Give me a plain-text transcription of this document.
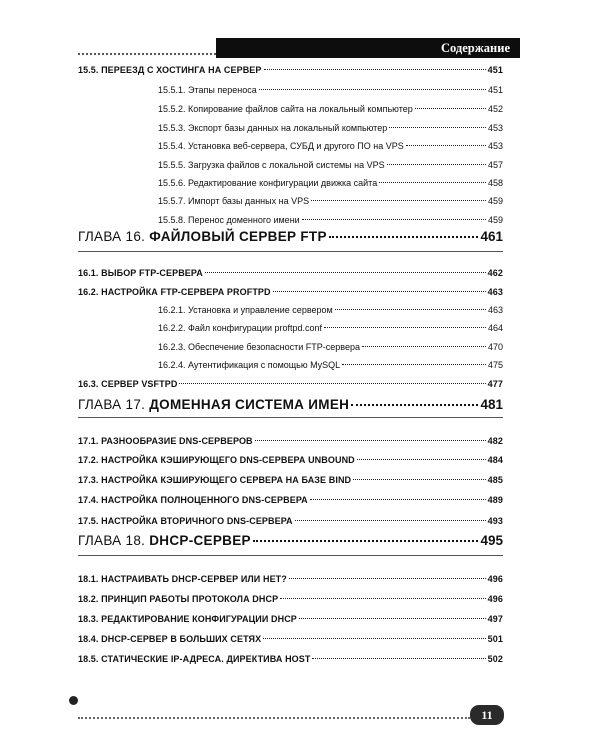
Содержание
15.5. ПЕРЕЕЗД С ХОСТИНГА НА СЕРВЕР	451
15.5.1. Этапы переноса	451
15.5.2. Копирование файлов сайта на локальный компьютер	452
15.5.3. Экспорт базы данных на локальный компьютер	453
15.5.4. Установка веб-сервера, СУБД и другого ПО на VPS	453
15.5.5. Загрузка файлов с локальной системы на VPS	457
15.5.6. Редактирование конфигурации движка сайта	458
15.5.7. Импорт базы данных на VPS	459
15.5.8. Перенос доменного имени	459
ГЛАВА 16. ФАЙЛОВЫЙ СЕРВЕР FTP	461
16.1. ВЫБОР FTP-СЕРВЕРА	462
16.2. НАСТРОЙКА FTP-СЕРВЕРА PROFTPD	463
16.2.1. Установка и управление сервером	463
16.2.2. Файл конфигурации proftpd.conf	464
16.2.3. Обеспечение безопасности FTP-сервера	470
16.2.4. Аутентификация с помощью MySQL	475
16.3. СЕРВЕР VSFTPD	477
ГЛАВА 17. ДОМЕННАЯ СИСТЕМА ИМЕН	481
17.1. РАЗНООБРАЗИЕ DNS-СЕРВЕРОВ	482
17.2. НАСТРОЙКА КЭШИРУЮЩЕГО DNS-СЕРВЕРА UNBOUND	484
17.3. НАСТРОЙКА КЭШИРУЮЩЕГО СЕРВЕРА НА БАЗЕ BIND	485
17.4. НАСТРОЙКА ПОЛНОЦЕННОГО DNS-СЕРВЕРА	489
17.5. НАСТРОЙКА ВТОРИЧНОГО DNS-СЕРВЕРА	493
ГЛАВА 18. DHCP-СЕРВЕР	495
18.1. НАСТРАИВАТЬ DHCP-СЕРВЕР ИЛИ НЕТ?	496
18.2. ПРИНЦИП РАБОТЫ ПРОТОКОЛА DHCP	496
18.3. РЕДАКТИРОВАНИЕ КОНФИГУРАЦИИ DHCP	497
18.4. DHCP-СЕРВЕР В БОЛЬШИХ СЕТЯХ	501
18.5. СТАТИЧЕСКИЕ IP-АДРЕСА. ДИРЕКТИВА HOST	502
11
